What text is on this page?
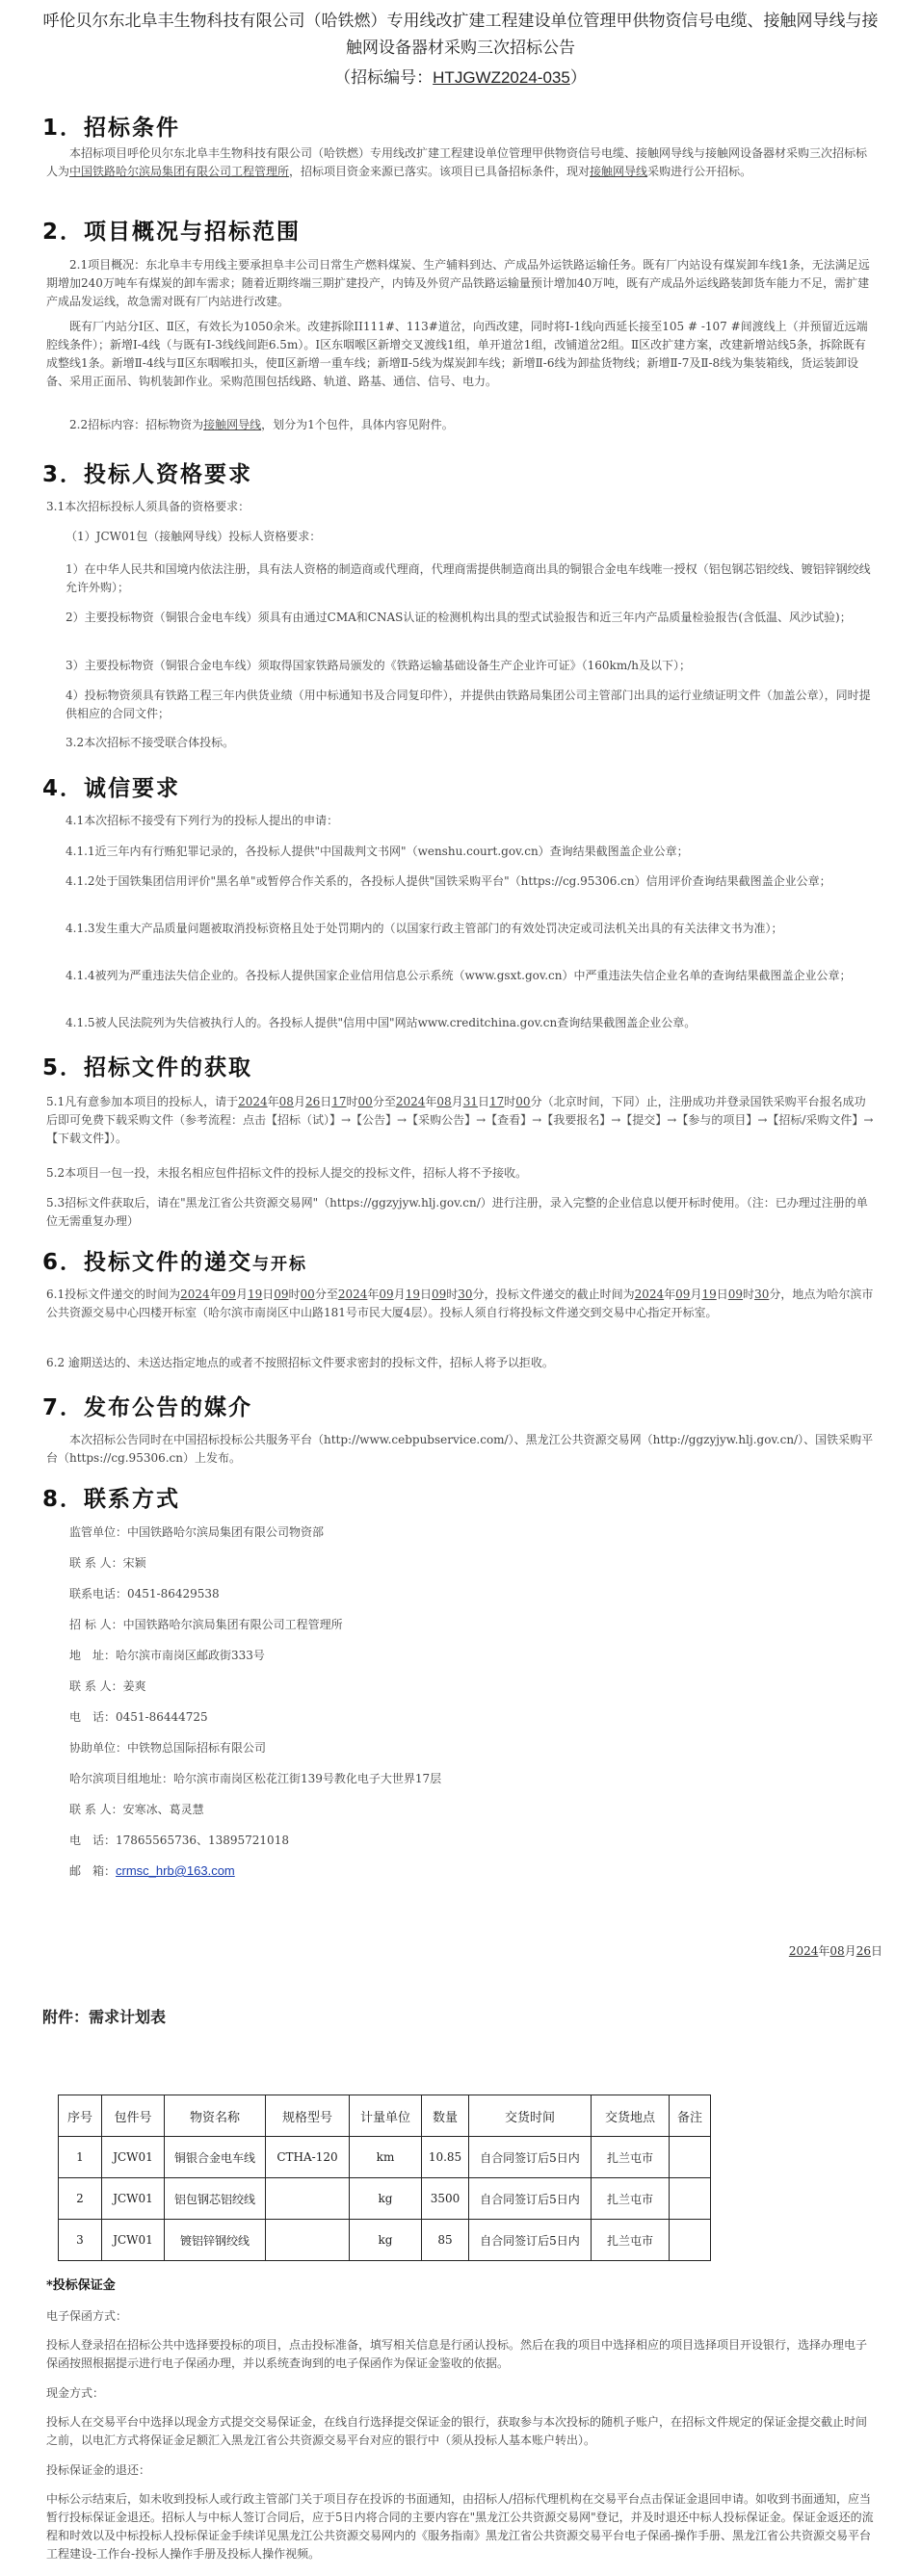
呼伦贝尔东北阜丰生物科技有限公司（哈铁燃）专用线改扩建工程建设单位管理甲供物资信号电缆、接触网导线与接触网设备器材采购三次招标公告
（招标编号：HTJGWZ2024-035）
1．招标条件

本招标项目呼伦贝尔东北阜丰生物科技有限公司（哈铁燃）专用线改扩建工程建设单位管理甲供物资信号电缆、接触网导线与接触网设备器材采购三次招标标人为中国铁路哈尔滨局集团有限公司工程管理所，招标项目资金来源已落实。该项目已具备招标条件，现对接触网导线采购进行公开招标。

2．项目概况与招标范围

2.1项目概况：东北阜丰专用线主要承担阜丰公司日常生产燃料煤炭、生产辅料到达、产成品外运铁路运输任务。既有厂内站设有煤炭卸车线1条，无法满足远期增加240万吨车有煤炭的卸车需求；随着近期终端三期扩建投产，内铸及外贸产品铁路运输量预计增加40万吨，既有产成品外运线路装卸货车能力不足，需扩建产成品发运线，故急需对既有厂内站进行改建。

既有厂内站分Ⅰ区、Ⅱ区，有效长为1050余米。改建拆除II111#、113#道岔，向西改建，同时将Ⅰ-1线向西延长接至105 # -107 #间渡线上（并预留近远端腔线条件）；新增Ⅰ-4线（与既有Ⅰ-3线线间距6.5m）。Ⅰ区东咽喉区新增交叉渡线1组，单开道岔1组，改铺道岔2组。Ⅱ区改扩建方案，改建新增站线5条，拆除既有成整线1条。新增Ⅱ-4线与Ⅱ区东咽喉扣头，使Ⅱ区新增一重车线；新增Ⅱ-5线为煤炭卸车线；新增Ⅱ-6线为卸盐货物线；新增Ⅱ-7及Ⅱ-8线为集装箱线，货运装卸设备、采用正面吊、钩机装卸作业。采购范围包括线路、轨道、路基、通信、信号、电力。

2.2招标内容：招标物资为接触网导线，划分为1个包件，具体内容见附件。

3．投标人资格要求

3.1本次招标投标人须具备的资格要求：

（1）JCW01包（接触网导线）投标人资格要求：

1）在中华人民共和国境内依法注册，具有法人资格的制造商或代理商，代理商需提供制造商出具的铜银合金电车线唯一授权（铝包钢芯铝绞线、镀铝锌钢绞线允许外购）；

2）主要投标物资（铜银合金电车线）须具有由通过CMA和CNAS认证的检测机构出具的型式试验报告和近三年内产品质量检验报告(含低温、风沙试验)；

3）主要投标物资（铜银合金电车线）须取得国家铁路局颁发的《铁路运输基础设备生产企业许可证》（160km/h及以下）；

4）投标物资须具有铁路工程三年内供货业绩（用中标通知书及合同复印件），并提供由铁路局集团公司主管部门出具的运行业绩证明文件（加盖公章），同时提供相应的合同文件；

3.2本次招标不接受联合体投标。

4．诚信要求

4.1本次招标不接受有下列行为的投标人提出的申请：

4.1.1近三年内有行贿犯罪记录的，各投标人提供"中国裁判文书网"（wenshu.court.gov.cn）查询结果截图盖企业公章；

4.1.2处于国铁集团信用评价"黑名单"或暂停合作关系的，各投标人提供"国铁采购平台"（https://cg.95306.cn）信用评价查询结果截图盖企业公章；

4.1.3发生重大产品质量问题被取消投标资格且处于处罚期内的（以国家行政主管部门的有效处罚决定或司法机关出具的有关法律文书为准）；

4.1.4被列为严重违法失信企业的。各投标人提供国家企业信用信息公示系统（www.gsxt.gov.cn）中严重违法失信企业名单的查询结果截图盖企业公章；

4.1.5被人民法院列为失信被执行人的。各投标人提供"信用中国"网站www.creditchina.gov.cn查询结果截图盖企业公章。

5．招标文件的获取

5.1凡有意参加本项目的投标人，请于2024年08月26日17时00分至2024年08月31日17时00分（北京时间，下同）止，注册成功并登录国铁采购平台报名成功后即可免费下载采购文件（参考流程：点击【招标（试）】→【公告】→【采购公告】→【查看】→【我要报名】→【提交】→【参与的项目】→【招标/采购文件】→【下载文件】）。

5.2本项目一包一投，未报名相应包件招标文件的投标人提交的投标文件，招标人将不予接收。

5.3招标文件获取后，请在"黑龙江省公共资源交易网"（https://ggzyjyw.hlj.gov.cn/）进行注册，录入完整的企业信息以便开标时使用。（注：已办理过注册的单位无需重复办理）

6．投标文件的递交与开标

6.1投标文件递交的时间为2024年09月19日09时00分至2024年09月19日09时30分，投标文件递交的截止时间为2024年09月19日09时30分，地点为哈尔滨市公共资源交易中心四楼开标室（哈尔滨市南岗区中山路181号市民大厦4层）。投标人须自行将投标文件递交到交易中心指定开标室。

6.2 逾期送达的、未送达指定地点的或者不按照招标文件要求密封的投标文件，招标人将予以拒收。

7．发布公告的媒介

本次招标公告同时在中国招标投标公共服务平台（http://www.cebpubservice.com/）、黑龙江公共资源交易网（http://ggzyjyw.hlj.gov.cn/）、国铁采购平台（https://cg.95306.cn）上发布。

8．联系方式
监管单位：中国铁路哈尔滨局集团有限公司物资部
联 系 人：宋颖
联系电话：0451-86429538
招 标 人：中国铁路哈尔滨局集团有限公司工程管理所
地　址：哈尔滨市南岗区邮政街333号
联 系 人：姜爽
电　话：0451-86444725
协助单位：中铁物总国际招标有限公司
哈尔滨项目组地址：哈尔滨市南岗区松花江街139号教化电子大世界17层
联 系 人：安寒冰、葛灵慧
电　话：17865565736、13895721018
邮　箱：crmsc_hrb@163.com
2024年08月26日
附件：需求计划表
序号	包件号	物资名称	规格型号	计量单位	数量	交货时间	交货地点	备注
1	JCW01	铜银合金电车线	CTHA-120	km	10.85	自合同签订后5日内	扎兰屯市	
2	JCW01	铝包钢芯铝绞线		kg	3500	自合同签订后5日内	扎兰屯市	
3	JCW01	镀铝锌钢绞线		kg	85	自合同签订后5日内	扎兰屯市	
*投标保证金

电子保函方式：

投标人登录招在招标公共中选择要投标的项目，点击投标准备，填写相关信息是行函认投标。然后在我的项目中选择相应的项目选择项目开设银行，选择办理电子保函按照根据提示进行电子保函办理，并以系统查询到的电子保函作为保证金鉴收的依据。

现金方式：

投标人在交易平台中选择以现金方式提交交易保证金，在线自行选择提交保证金的银行，获取参与本次投标的随机子账户，在招标文件规定的保证金提交截止时间之前，以电汇方式将保证金足额汇入黑龙江省公共资源交易平台对应的银行中（须从投标人基本账户转出）。

投标保证金的退还：

中标公示结束后，如未收到投标人或行政主管部门关于项目存在投诉的书面通知，由招标人/招标代理机构在交易平台点击保证金退回申请。如收到书面通知，应当暂行投标保证金退还。招标人与中标人签订合同后，应于5日内将合同的主要内容在"黑龙江公共资源交易网"登记，并及时退还中标人投标保证金。保证金返还的流程和时效以及中标投标人投标保证金手续详见黑龙江公共资源交易网内的《服务指南》黑龙江省公共资源交易平台电子保函-操作手册、黑龙江省公共资源交易平台工程建设-工作台-投标人操作手册及投标人操作视频。
